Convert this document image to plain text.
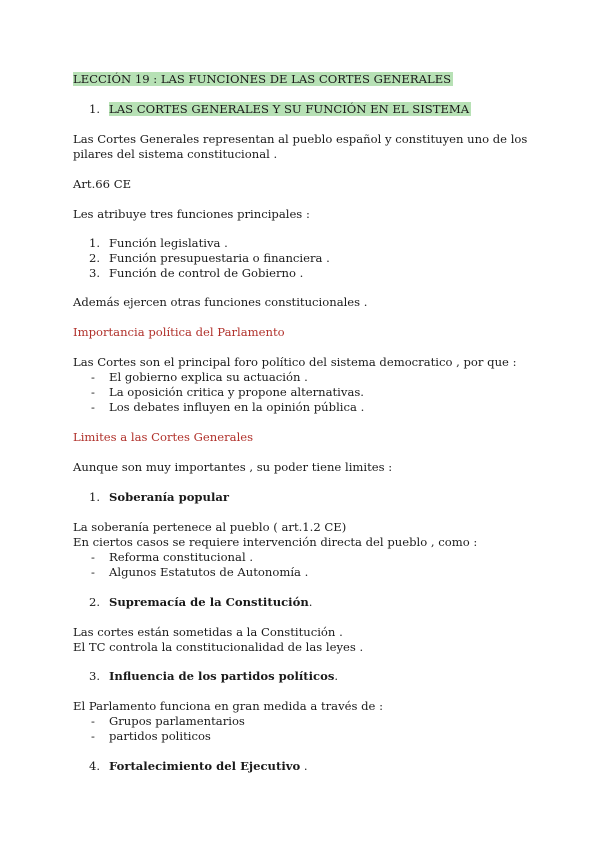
LECCIÓN 19 : LAS FUNCIONES DE LAS CORTES GENERALES
1. LAS CORTES GENERALES Y SU FUNCIÓN EN EL SISTEMA
Las Cortes Generales representan al pueblo español y constituyen uno de los
pilares del sistema constitucional .
Art.66 CE
Les atribuye tres funciones principales :
1. Función legislativa .
2. Función presupuestaria o financiera .
3. Función de control de Gobierno .
Además ejercen otras funciones constitucionales .
Importancia política del Parlamento
Las Cortes son el principal foro político del sistema democratico , por que :
- El gobierno explica su actuación .
- La oposición critica y propone alternativas.
- Los debates influyen en la opinión pública .
Limites a las Cortes Generales
Aunque son muy importantes , su poder tiene limites :
1. Soberanía popular
La soberanía pertenece al pueblo ( art.1.2 CE)
En ciertos casos se requiere intervención directa del pueblo , como :
- Reforma constitucional .
- Algunos Estatutos de Autonomía .
2. Supremacía de la Constitución.
Las cortes están sometidas a la Constitución .
El TC controla la constitucionalidad de las leyes .
3. Influencia de los partidos políticos.
El Parlamento funciona en gran medida a través de :
- Grupos parlamentarios
- partidos politicos
4. Fortalecimiento del Ejecutivo .
